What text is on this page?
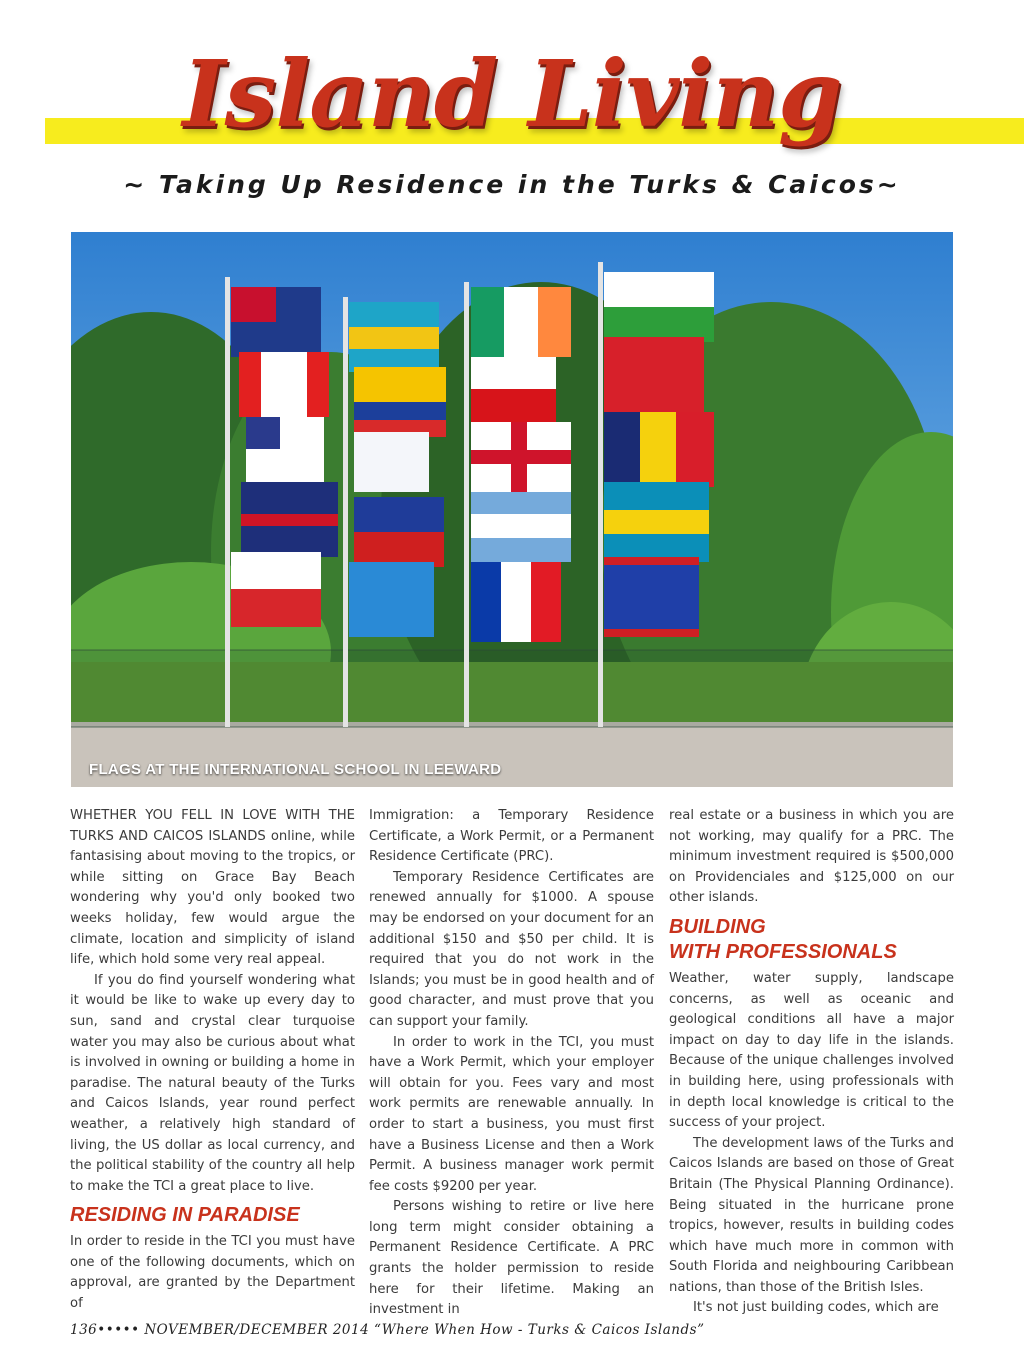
Island Living
~ Taking Up Residence in the Turks & Caicos~
FLAGS AT THE INTERNATIONAL SCHOOL IN LEEWARD

WHETHER YOU FELL IN LOVE WITH THE TURKS AND CAICOS ISLANDS online, while fantasising about moving to the tropics, or while sitting on Grace Bay Beach wondering why you'd only booked two weeks holiday, few would argue the climate, location and simplicity of island life, which hold some very real appeal.

If you do find yourself wondering what it would be like to wake up every day to sun, sand and crystal clear turquoise water you may also be curious about what is involved in owning or building a home in paradise. The natural beauty of the Turks and Caicos Islands, year round perfect weather, a relatively high standard of living, the US dollar as local currency, and the political stability of the country all help to make the TCI a great place to live.

RESIDING IN PARADISE

In order to reside in the TCI you must have one of the following documents, which on approval, are granted by the Department of

Immigration: a Temporary Residence Certificate, a Work Permit, or a Permanent Residence Certificate (PRC).

Temporary Residence Certificates are renewed annually for $1000. A spouse may be endorsed on your document for an additional $150 and $50 per child. It is required that you do not work in the Islands; you must be in good health and of good character, and must prove that you can support your family.

In order to work in the TCI, you must have a Work Permit, which your employer will obtain for you. Fees vary and most work permits are renewable annually. In order to start a business, you must first have a Business License and then a Work Permit. A business manager work permit fee costs $9200 per year.

Persons wishing to retire or live here long term might consider obtaining a Permanent Residence Certificate. A PRC grants the holder permission to reside here for their lifetime. Making an investment in

real estate or a business in which you are not working, may qualify for a PRC. The minimum investment required is $500,000 on Providenciales and $125,000 on our other islands.

BUILDING
WITH PROFESSIONALS

Weather, water supply, landscape concerns, as well as oceanic and geological conditions all have a major impact on day to day life in the islands. Because of the unique challenges involved in building here, using professionals with in depth local knowledge is critical to the success of your project.

The development laws of the Turks and Caicos Islands are based on those of Great Britain (The Physical Planning Ordinance). Being situated in the hurricane prone tropics, however, results in building codes which have much more in common with South Florida and neighbouring Caribbean nations, than those of the British Isles.

It's not just building codes, which are

136••••• NOVEMBER/DECEMBER 2014 “Where When How - Turks & Caicos Islands”
